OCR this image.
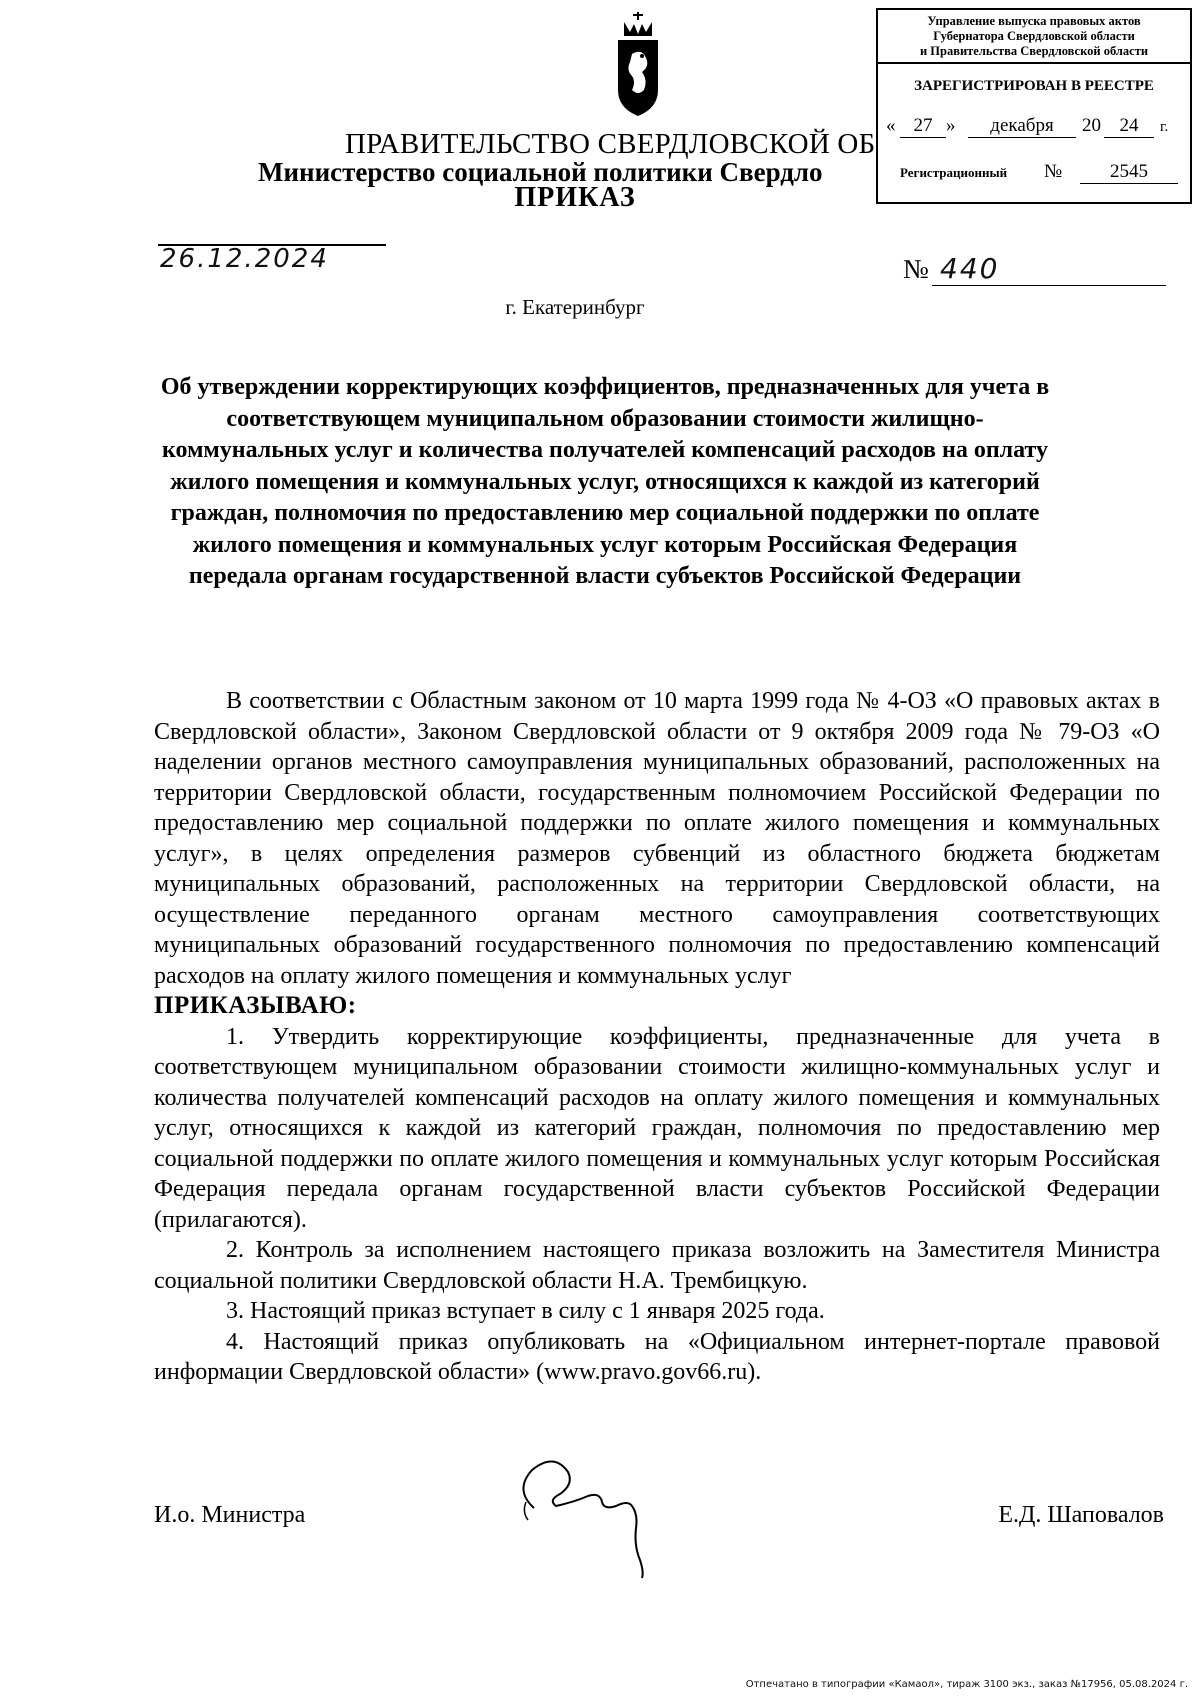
Управление выпуска правовых актов
Губернатора Свердловской области
и Правительства Свердловской области
ЗАРЕГИСТРИРОВАН В РЕЕСТРЕ
« 27 »	декабря	20 24	г.
Регистрационный №	2545
ПРАВИТЕЛЬСТВО СВЕРДЛОВСКОЙ ОБ
Министерство социальной политики Свердло
ПРИКАЗ
26.12.2024	№ 440
г. Екатеринбург
Об утверждении корректирующих коэффициентов, предназначенных для учета в соответствующем муниципальном образовании стоимости жилищно-коммунальных услуг и количества получателей компенсаций расходов на оплату жилого помещения и коммунальных услуг, относящихся к каждой из категорий граждан, полномочия по предоставлению мер социальной поддержки по оплате жилого помещения и коммунальных услуг которым Российская Федерация передала органам государственной власти субъектов Российской Федерации

В соответствии с Областным законом от 10 марта 1999 года № 4-ОЗ «О правовых актах в Свердловской области», Законом Свердловской области от 9 октября 2009 года № 79-ОЗ «О наделении органов местного самоуправления муниципальных образований, расположенных на территории Свердловской области, государственным полномочием Российской Федерации по предоставлению мер социальной поддержки по оплате жилого помещения и коммунальных услуг», в целях определения размеров субвенций из областного бюджета бюджетам муниципальных образований, расположенных на территории Свердловской области, на осуществление переданного органам местного самоуправления соответствующих муниципальных образований государственного полномочия по предоставлению компенсаций расходов на оплату жилого помещения и коммунальных услуг

ПРИКАЗЫВАЮ:

1. Утвердить корректирующие коэффициенты, предназначенные для учета в соответствующем муниципальном образовании стоимости жилищно-коммунальных услуг и количества получателей компенсаций расходов на оплату жилого помещения и коммунальных услуг, относящихся к каждой из категорий граждан, полномочия по предоставлению мер социальной поддержки по оплате жилого помещения и коммунальных услуг которым Российская Федерация передала органам государственной власти субъектов Российской Федерации (прилагаются).

2. Контроль за исполнением настоящего приказа возложить на Заместителя Министра социальной политики Свердловской области Н.А. Трембицкую.

3. Настоящий приказ вступает в силу с 1 января 2025 года.

4. Настоящий приказ опубликовать на «Официальном интернет-портале правовой информации Свердловской области» (www.pravo.gov66.ru).

И.о. Министра	Е.Д. Шаповалов
Отпечатано в типографии «Камаол», тираж 3100 экз., заказ №17956, 05.08.2024 г.
